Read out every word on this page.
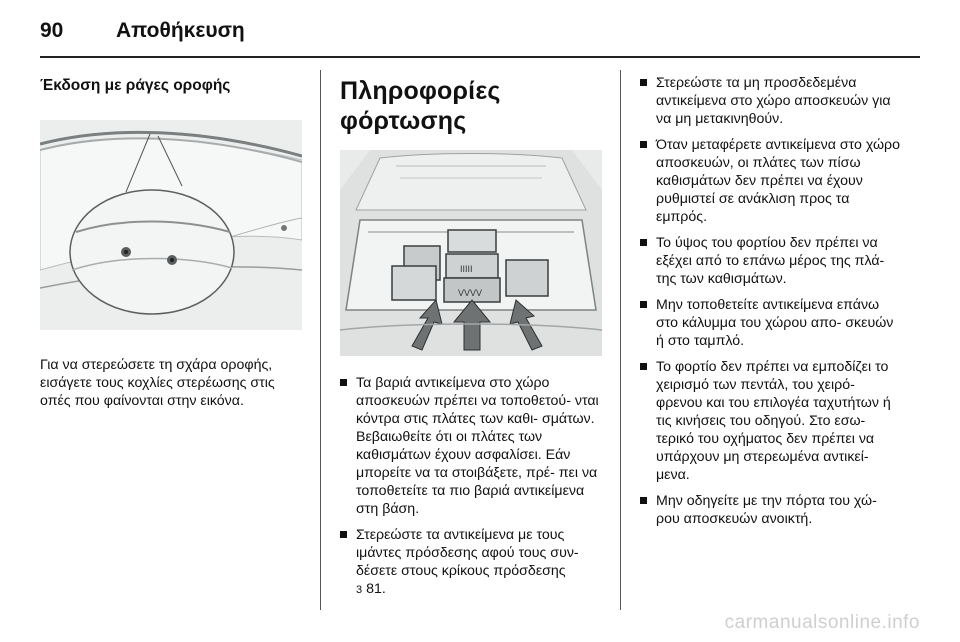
90	Αποθήκευση
Έκδοση με ράγες οροφής

Για να στερεώσετε τη σχάρα οροφής, εισάγετε τους κοχλίες στερέωσης στις οπές που φαίνονται στην εικόνα.

Πληροφορίες
φόρτωσης
IIIII
VVVV
Τα βαριά αντικείμενα στο χώρο αποσκευών πρέπει να τοποθετού- νται κόντρα στις πλάτες των καθι- σμάτων. Βεβαιωθείτε ότι οι πλάτες των καθισμάτων έχουν ασφαλίσει. Εάν μπορείτε να τα στοιβάξετε, πρέ- πει να τοποθετείτε τα πιο βαριά αντικείμενα στη βάση.
Στερεώστε τα αντικείμενα με τους ιμάντες πρόσδεσης αφού τους συν- δέσετε στους κρίκους πρόσδεσης
3 81.
Στερεώστε τα μη προσδεδεμένα αντικείμενα στο χώρο αποσκευών για να μη μετακινηθούν.
Όταν μεταφέρετε αντικείμενα στο χώρο αποσκευών, οι πλάτες των πίσω καθισμάτων δεν πρέπει να έχουν ρυθμιστεί σε ανάκλιση προς τα εμπρός.
Το ύψος του φορτίου δεν πρέπει να εξέχει από το επάνω μέρος της πλά- της των καθισμάτων.
Μην τοποθετείτε αντικείμενα επάνω στο κάλυμμα του χώρου απο- σκευών ή στο ταμπλό.
Το φορτίο δεν πρέπει να εμποδίζει το χειρισμό των πεντάλ, του χειρό- φρενου και του επιλογέα ταχυτήτων ή τις κινήσεις του οδηγού. Στο εσω- τερικό του οχήματος δεν πρέπει να υπάρχουν μη στερεωμένα αντικεί- μενα.
Μην οδηγείτε με την πόρτα του χώ- ρου αποσκευών ανοικτή.
carmanualsonline.info
